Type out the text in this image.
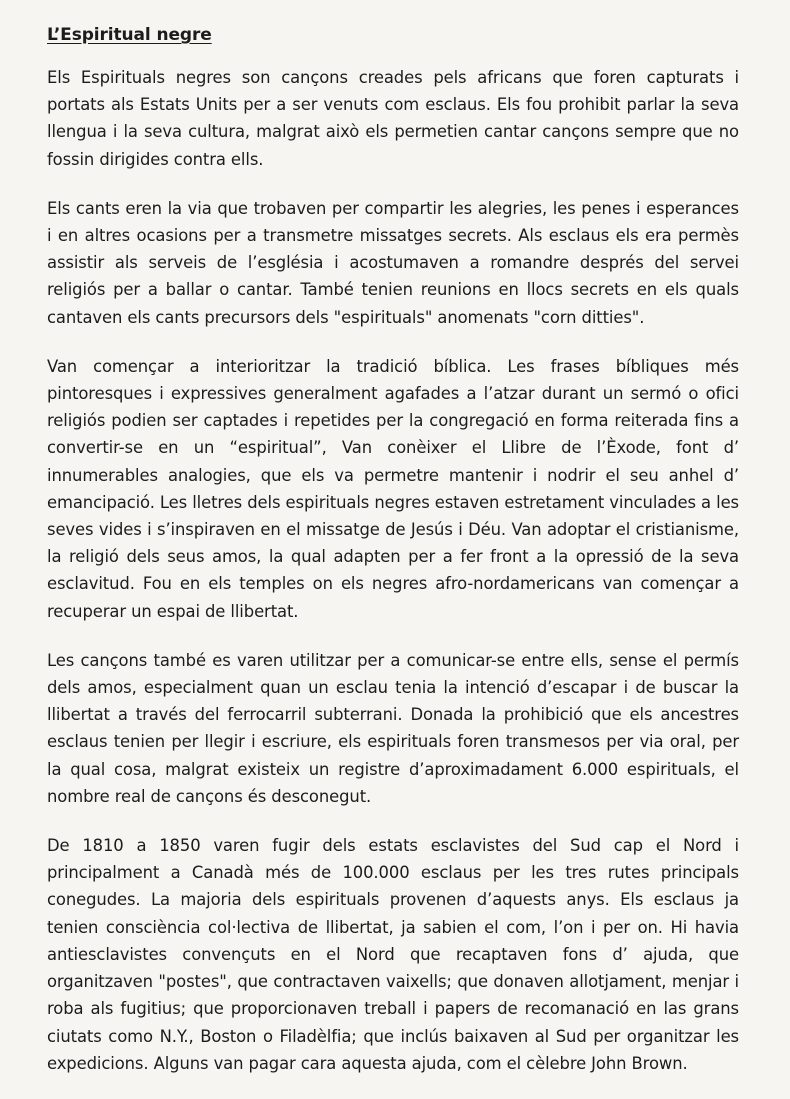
L’Espiritual negre

Els Espirituals negres son cançons creades pels africans que foren capturats i portats als Estats Units per a ser venuts com esclaus. Els fou prohibit parlar la seva llengua i la seva cultura, malgrat això els permetien cantar cançons sempre que no fossin dirigides contra ells.

Els cants eren la via que trobaven per compartir les alegries, les penes i esperances i en altres ocasions per a transmetre missatges secrets. Als esclaus els era permès assistir als serveis de l’església i acostumaven a romandre després del servei religiós per a ballar o cantar. També tenien reunions en llocs secrets en els quals cantaven els cants precursors dels "espirituals" anomenats "corn ditties".

Van començar a interioritzar la tradició bíblica. Les frases bíbliques més pintoresques i expressives generalment agafades a l’atzar durant un sermó o ofici religiós podien ser captades i repetides per la congregació en forma reiterada fins a convertir-se en un “espiritual”, Van conèixer el Llibre de l’Èxode, font d’ innumerables analogies, que els va permetre mantenir i nodrir el seu anhel d’ emancipació. Les lletres dels espirituals negres estaven estretament vinculades a les seves vides i s’inspiraven en el missatge de Jesús i Déu. Van adoptar el cristianisme, la religió dels seus amos, la qual adapten per a fer front a la opressió de la seva esclavitud. Fou en els temples on els negres afro-nordamericans van començar a recuperar un espai de llibertat.

Les cançons també es varen utilitzar per a comunicar-se entre ells, sense el permís dels amos, especialment quan un esclau tenia la intenció d’escapar i de buscar la llibertat a través del ferrocarril subterrani. Donada la prohibició que els ancestres esclaus tenien per llegir i escriure, els espirituals foren transmesos per via oral, per la qual cosa, malgrat existeix un registre d’aproximadament 6.000 espirituals, el nombre real de cançons és desconegut.

De 1810 a 1850 varen fugir dels estats esclavistes del Sud cap el Nord i principalment a Canadà més de 100.000 esclaus per les tres rutes principals conegudes. La majoria dels espirituals provenen d’aquests anys. Els esclaus ja tenien consciència col·lectiva de llibertat, ja sabien el com, l’on i per on. Hi havia antiesclavistes convençuts en el Nord que recaptaven fons d’ ajuda, que organitzaven "postes", que contractaven vaixells; que donaven allotjament, menjar i roba als fugitius; que proporcionaven treball i papers de recomanació en las grans ciutats como N.Y., Boston o Filadèlfia; que inclús baixaven al Sud per organitzar les expedicions. Alguns van pagar cara aquesta ajuda, com el cèlebre John Brown.
